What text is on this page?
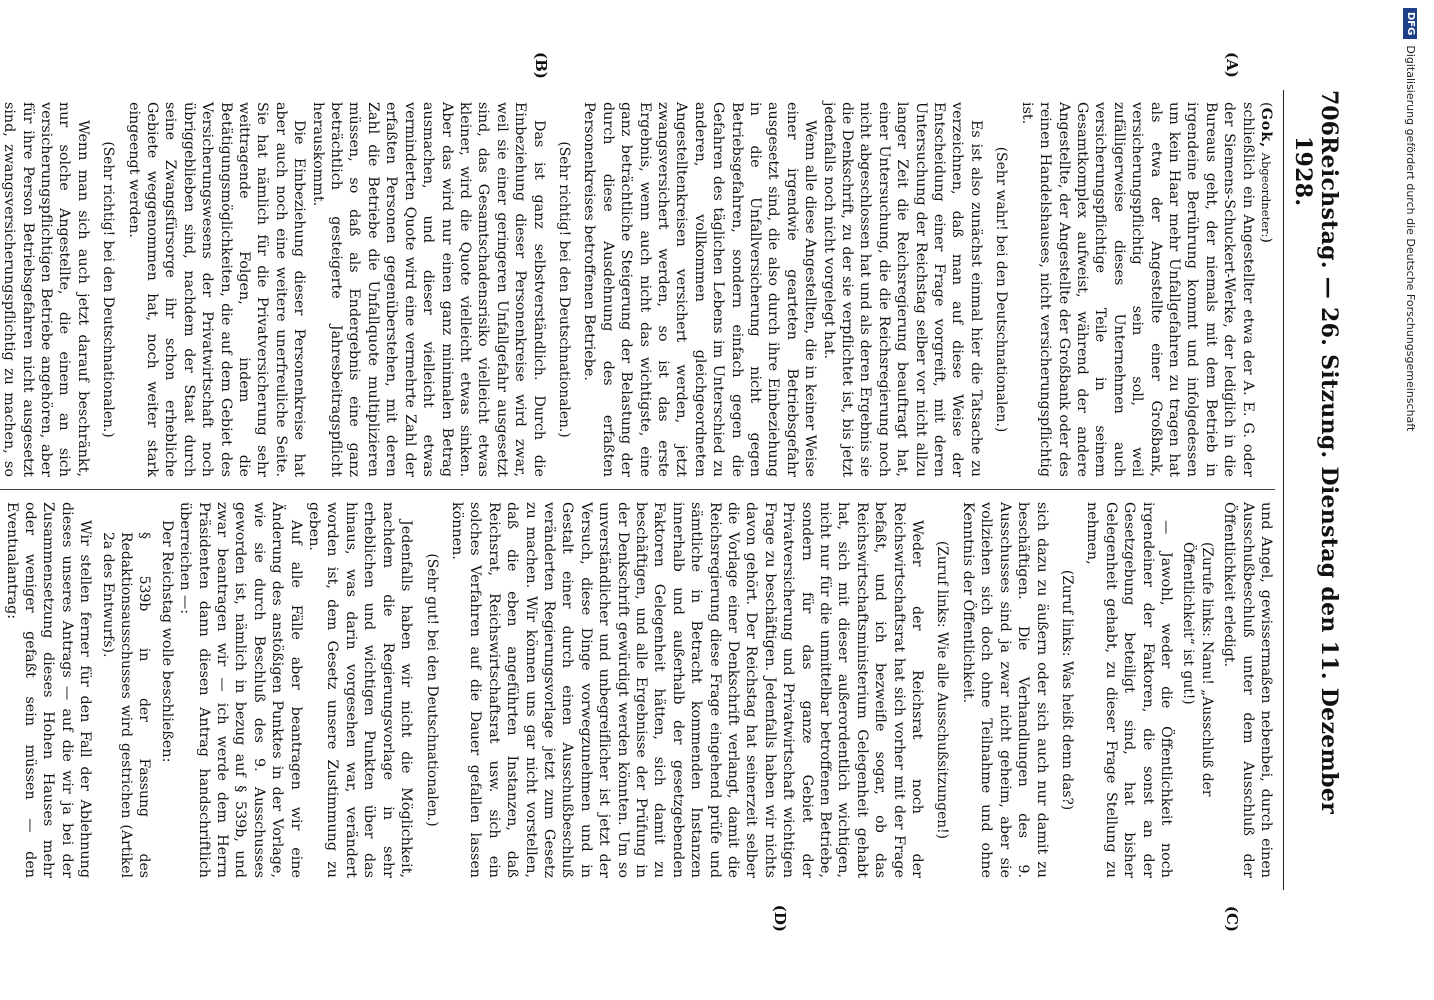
706
Reichstag. — 26. Sitzung. Dienstag den 11. Dezember 1928.
(A)
(B)
(C)
(D)

(Gok, Abgeordneter:)

schließlich ein Angestellter etwa der A. E. G. oder der Siemens-Schuckert-Werke, der lediglich in die Bureaus geht, der niemals mit dem Betrieb in irgendeine Berührung kommt und infolgedessen um kein Haar mehr Unfallgefahren zu tragen hat als etwa der Angestellte einer Großbank, versicherungspflichtig sein soll, weil zufälligerweise dieses Unternehmen auch versicherungspflichtige Teile in seinem Gesamtkomplex aufweist, während der andere Angestellte, der Angestellte der Großbank oder des reinen Handelshauses, nicht versicherungspflichtig ist.

(Sehr wahr! bei den Deutschnationalen.)

Es ist also zunächst einmal hier die Tatsache zu verzeichnen, daß man auf diese Weise der Entscheidung einer Frage vorgreift, mit deren Untersuchung der Reichstag selber vor nicht allzu langer Zeit die Reichsregierung beauftragt hat, einer Untersuchung, die die Reichsregierung noch nicht abgeschlossen hat und als deren Ergebnis sie die Denkschrift, zu der sie verpflichtet ist, bis jetzt jedenfalls noch nicht vorgelegt hat.

Wenn alle diese Angestellten, die in keiner Weise einer irgendwie gearteten Betriebsgefahr ausgesetzt sind, die also durch ihre Einbeziehung in die Unfallversicherung nicht gegen Betriebsgefahren, sondern einfach gegen die Gefahren des täglichen Lebens im Unterschied zu anderen, vollkommen gleichgeordneten Angestelltenkreisen versichert werden, jetzt zwangsversichert werden, so ist das erste Ergebnis, wenn auch nicht das wichtigste, eine ganz beträchtliche Steigerung der Belastung der durch diese Ausdehnung des erfaßten Personenkreises betroffenen Betriebe.

(Sehr richtig! bei den Deutschnationalen.)

Das ist ganz selbstverständlich. Durch die Einbeziehung dieser Personenkreise wird zwar, weil sie einer geringeren Unfallgefahr ausgesetzt sind, das Gesamtschadensrisiko vielleicht etwas kleiner, wird die Quote vielleicht etwas sinken. Aber das wird nur einen ganz minimalen Betrag ausmachen, und dieser vielleicht etwas verminderten Quote wird eine vermehrte Zahl der erfaßten Personen gegenüberstehen, mit deren Zahl die Betriebe die Unfallquote multiplizieren müssen, so daß als Endergebnis eine ganz beträchtlich gesteigerte Jahresbeitragspflicht herauskommt.

Die Einbeziehung dieser Personenkreise hat aber auch noch eine weitere unerfreuliche Seite. Sie hat nämlich für die Privatversicherung sehr weittragende Folgen, indem die Betätigungsmöglichkeiten, die auf dem Gebiet des Versicherungswesens der Privatwirtschaft noch übriggeblieben sind, nachdem der Staat durch seine Zwangsfürsorge ihr schon erhebliche Gebiete weggenommen hat, noch weiter stark eingeengt werden.

(Sehr richtig! bei den Deutschnationalen.)

Wenn man sich auch jetzt darauf beschränkt, nur solche Angestellte, die einem an sich versicherungspflichtigen Betriebe angehören, aber für ihre Person Betriebsgefahren nicht ausgesetzt sind, zwangsversicherungspflichtig zu machen, so

und Angel, gewissermaßen nebenbei, durch einen Ausschußbeschluß unter dem Ausschluß der Öffentlichkeit erledigt.

(Zurufe links: Nanu! „Ausschluß der Öffentlichkeit“ ist gut!)

— Jawohl, weder die Öffentlichkeit noch irgendeiner der Faktoren, die sonst an der Gesetzgebung beteiligt sind, hat bisher Gelegenheit gehabt, zu dieser Frage Stellung zu nehmen,

(Zuruf links: Was heißt denn das?)

sich dazu zu äußern oder sich auch nur damit zu beschäftigen. Die Verhandlungen des 9. Ausschusses sind ja zwar nicht geheim, aber sie vollziehen sich doch ohne Teilnahme und ohne Kenntnis der Öffentlichkeit.

(Zuruf links: Wie alle Ausschußsitzungen!)

Weder der Reichsrat noch der Reichswirtschaftsrat hat sich vorher mit der Frage befaßt, und ich bezweifle sogar, ob das Reichswirtschaftsministerium Gelegenheit gehabt hat, sich mit dieser außerordentlich wichtigen, nicht nur für die unmittelbar betroffenen Betriebe, sondern für das ganze Gebiet der Privatversicherung und Privatwirtschaft wichtigen Frage zu beschäftigen. Jedenfalls haben wir nichts davon gehört. Der Reichstag hat seinerzeit selber die Vorlage einer Denkschrift verlangt, damit die Reichsregierung diese Frage eingehend prüfe und sämtliche in Betracht kommenden Instanzen innerhalb und außerhalb der gesetzgebenden Faktoren Gelegenheit hätten, sich damit zu beschäftigen, und alle Ergebnisse der Prüfung in der Denkschrift gewürdigt werden könnten. Um so unverständlicher und unbegreiflicher ist jetzt der Versuch, diese Dinge vorwegzunehmen und in Gestalt einer durch einen Ausschußbeschluß veränderten Regierungsvorlage jetzt zum Gesetz zu machen. Wir können uns gar nicht vorstellen, daß die eben angeführten Instanzen, daß Reichsrat, Reichswirtschaftsrat usw. sich ein solches Verfahren auf die Dauer gefallen lassen können.

(Sehr gut! bei den Deutschnationalen.)

Jedenfalls haben wir nicht die Möglichkeit, nachdem die Regierungsvorlage in sehr erheblichen und wichtigen Punkten über das hinaus, was darin vorgesehen war, verändert worden ist, dem Gesetz unsere Zustimmung zu geben.

Auf alle Fälle aber beantragen wir eine Änderung des anstößigen Punktes in der Vorlage, wie sie durch Beschluß des 9. Ausschusses geworden ist, nämlich in bezug auf § 539b, und zwar beantragen wir — ich werde dem Herrn Präsidenten dann diesen Antrag handschriftlich überreichen —:

Der Reichstag wolle beschließen:

§ 539b in der Fassung des Redaktionsausschusses wird gestrichen (Artikel 2a des Entwurfs).

Wir stellen ferner für den Fall der Ablehnung dieses unseres Antrags — auf die wir ja bei der Zusammensetzung dieses Hohen Hauses mehr oder weniger gefaßt sein müssen — den Eventualantrag:

DFGDigitalisierung gefördert durch die Deutsche Forschungsgemeinschaft
